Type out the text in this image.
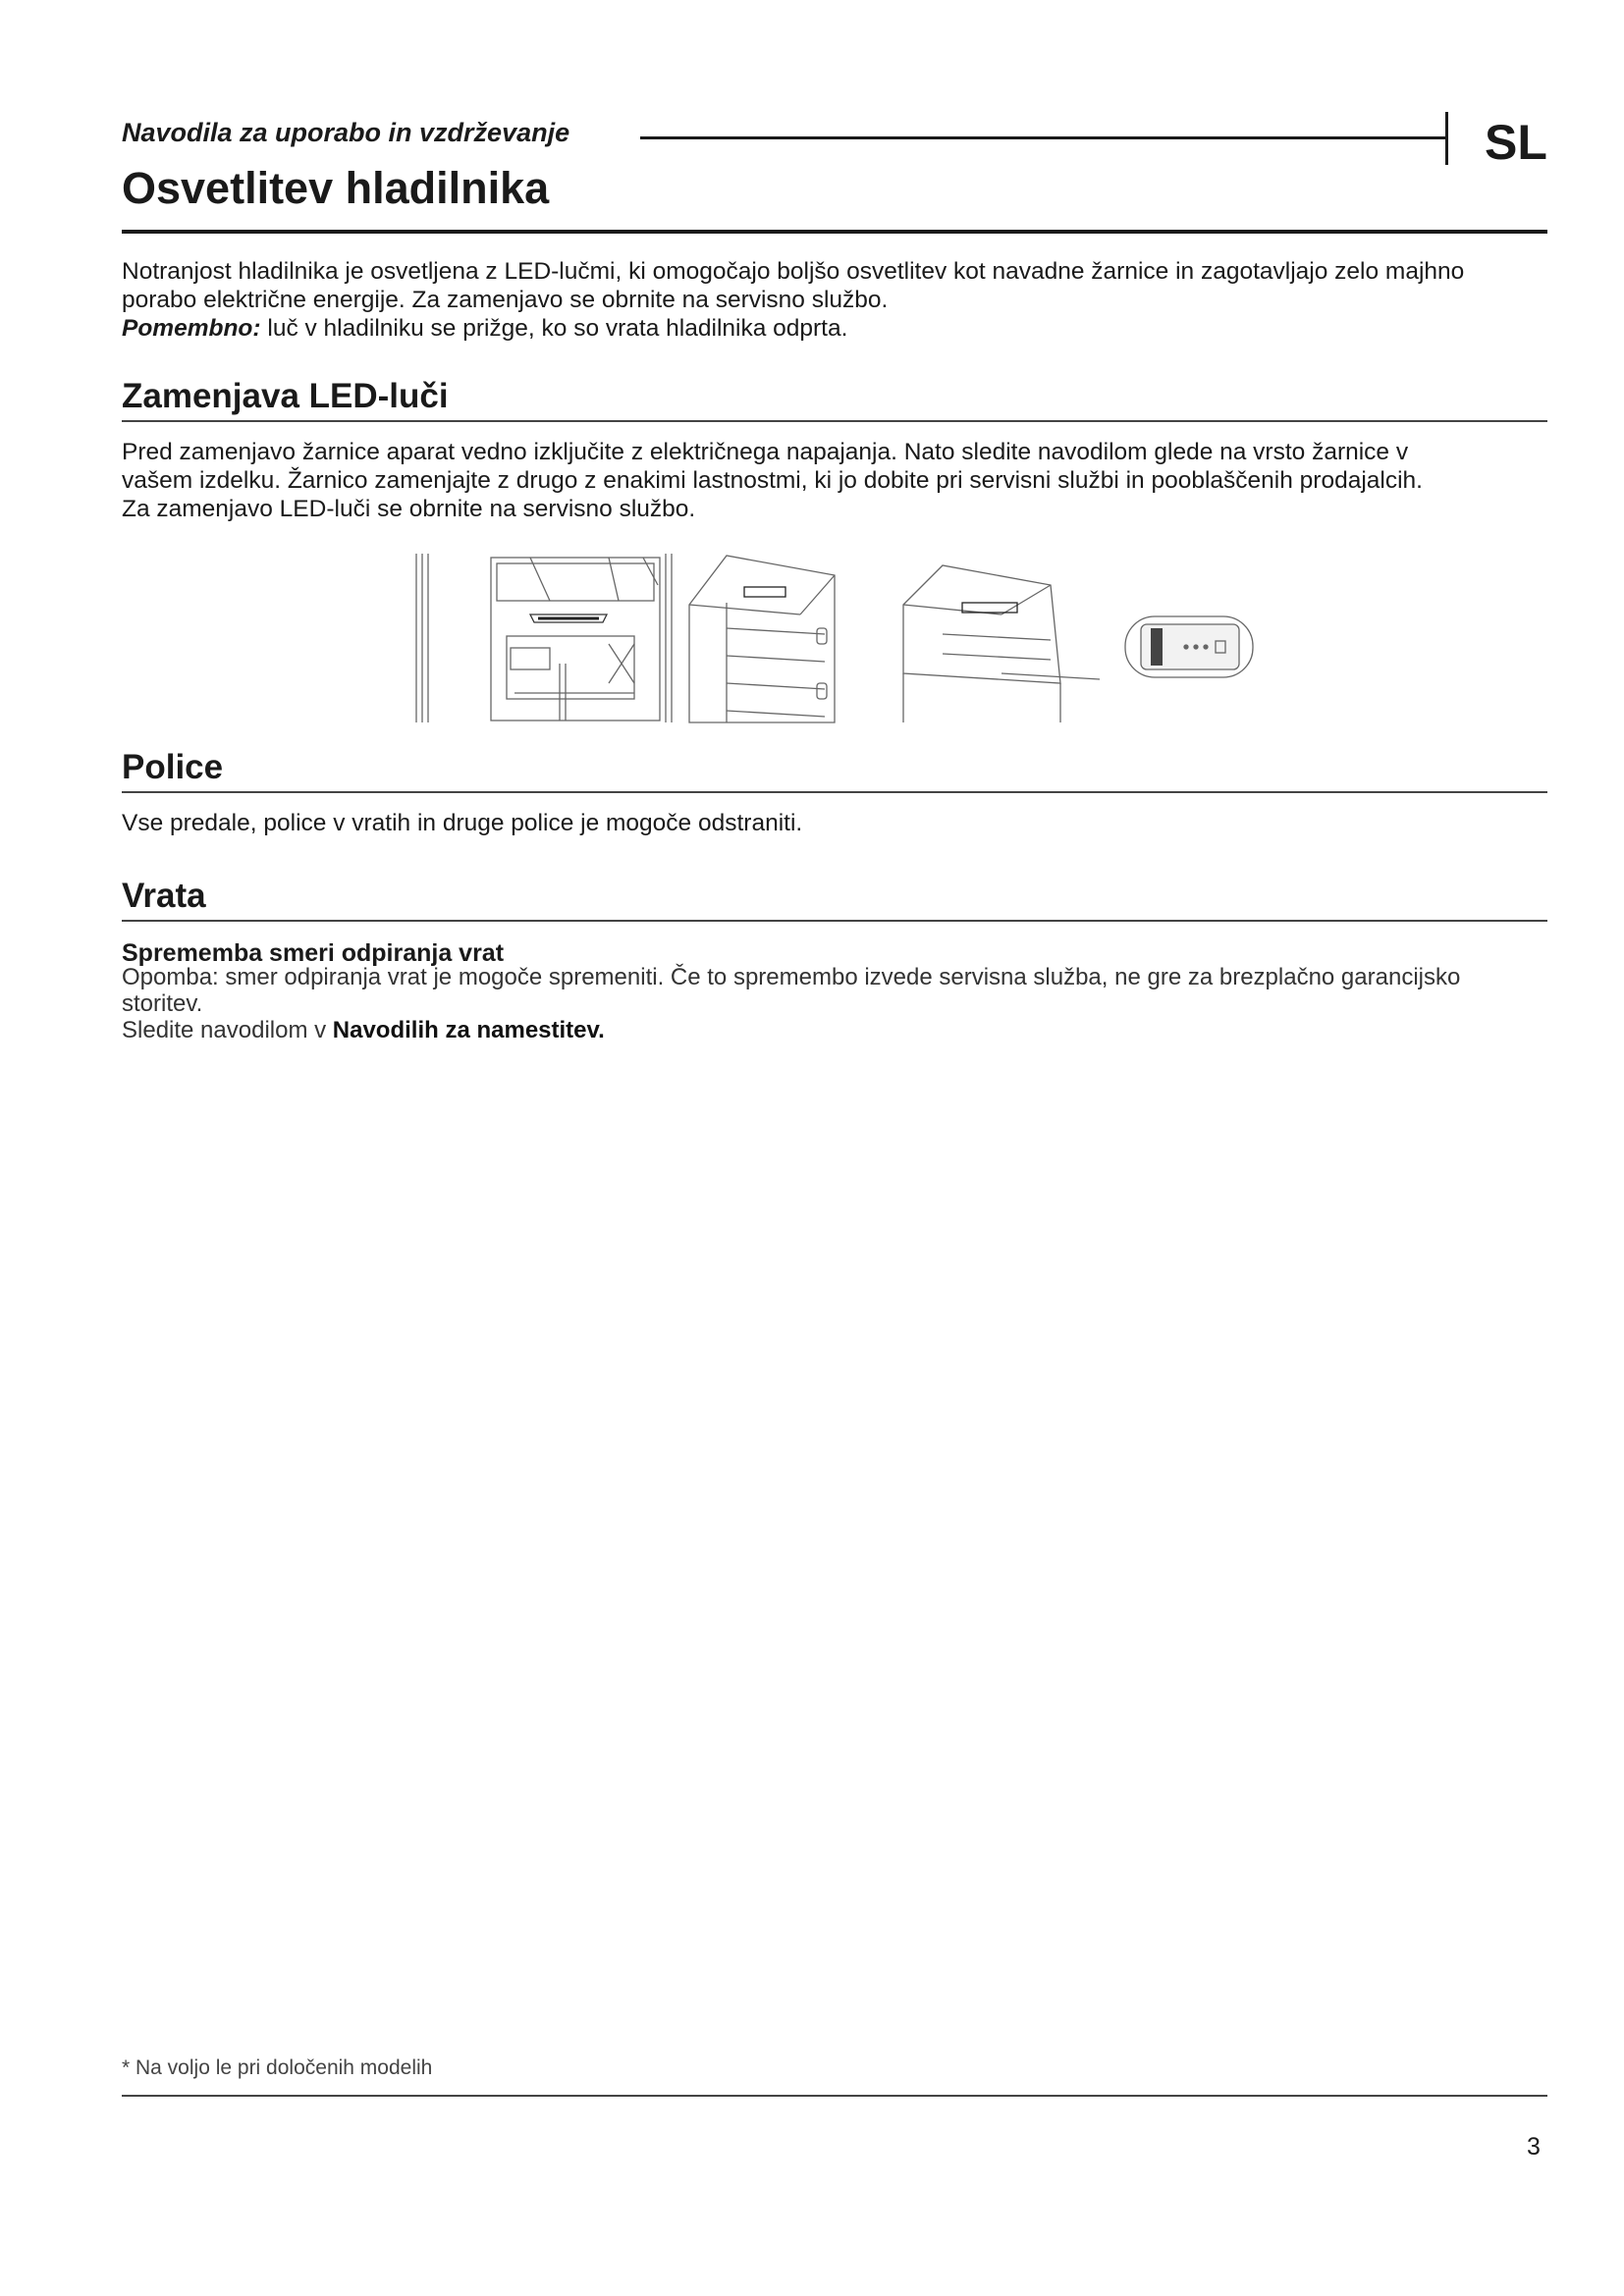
Navodila za uporabo in vzdrževanje	SL
Osvetlitev hladilnika
Notranjost hladilnika je osvetljena z LED-lučmi, ki omogočajo boljšo osvetlitev kot navadne žarnice in zagotavljajo zelo majhno
porabo električne energije. Za zamenjavo se obrnite na servisno službo.
Pomembno: luč v hladilniku se prižge, ko so vrata hladilnika odprta.
Zamenjava LED-luči
Pred zamenjavo žarnice aparat vedno izključite z električnega napajanja. Nato sledite navodilom glede na vrsto žarnice v
vašem izdelku. Žarnico zamenjajte z drugo z enakimi lastnostmi, ki jo dobite pri servisni službi in pooblaščenih prodajalcih.
Za zamenjavo LED-luči se obrnite na servisno službo.
Police
Vse predale, police v vratih in druge police je mogoče odstraniti.
Vrata
Sprememba smeri odpiranja vrat
Opomba: smer odpiranja vrat je mogoče spremeniti. Če to spremembo izvede servisna služba, ne gre za brezplačno garancijsko storitev.
Sledite navodilom v Navodilih za namestitev.
* Na voljo le pri določenih modelih
3
